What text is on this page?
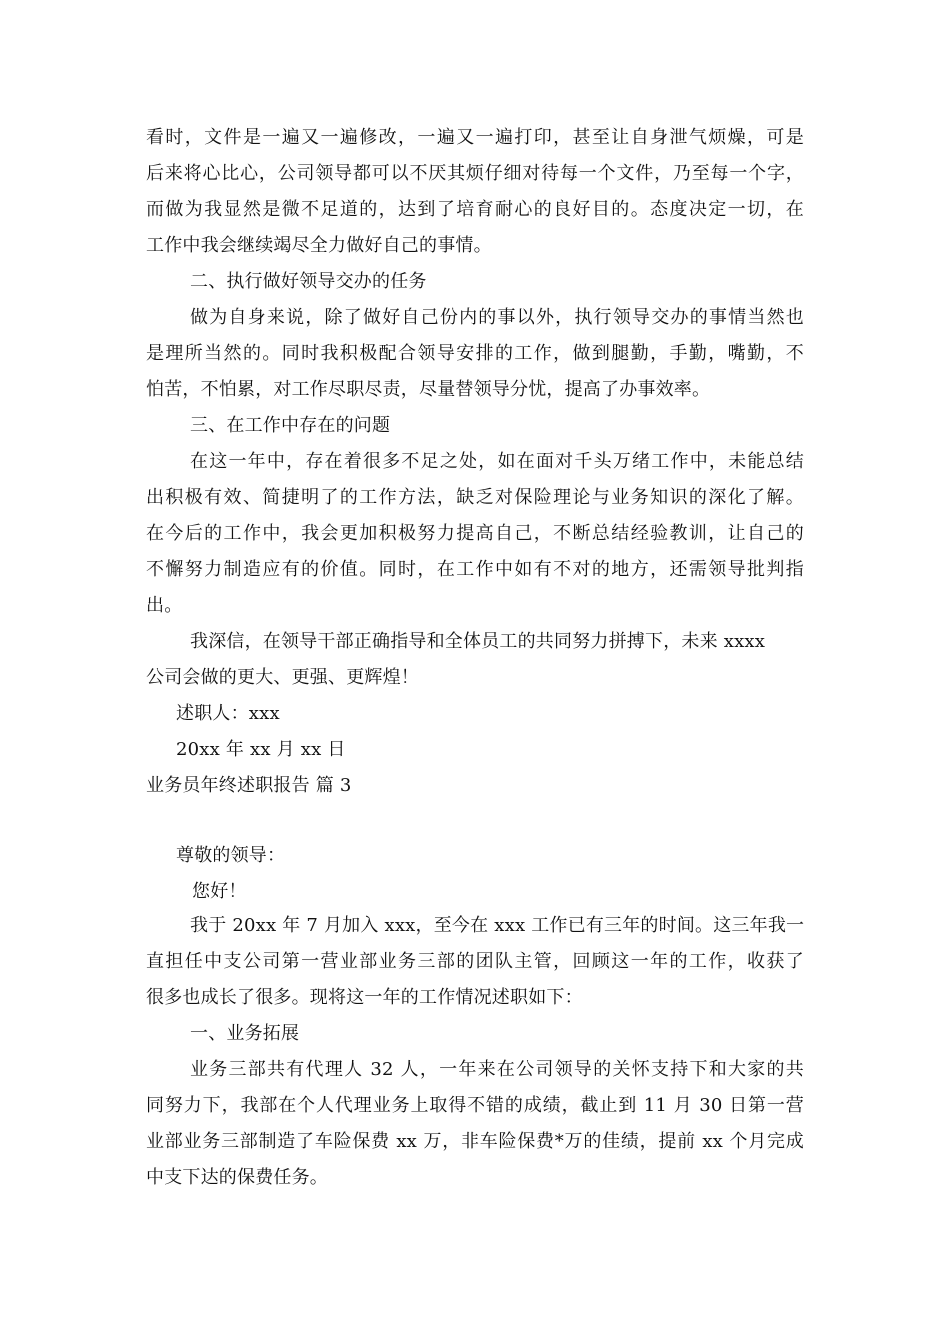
看时，文件是一遍又一遍修改，一遍又一遍打印，甚至让自身泄气烦燥，可是
后来将心比心，公司领导都可以不厌其烦仔细对待每一个文件，乃至每一个字，
而做为我显然是微不足道的，达到了培育耐心的良好目的。态度决定一切，在
工作中我会继续竭尽全力做好自己的事情。
二、执行做好领导交办的任务
做为自身来说，除了做好自己份内的事以外，执行领导交办的事情当然也
是理所当然的。同时我积极配合领导安排的工作，做到腿勤，手勤，嘴勤，不
怕苦，不怕累，对工作尽职尽责，尽量替领导分忧，提高了办事效率。
三、在工作中存在的问题
在这一年中，存在着很多不足之处，如在面对千头万绪工作中，未能总结
出积极有效、简捷明了的工作方法，缺乏对保险理论与业务知识的深化了解。
在今后的工作中，我会更加积极努力提高自己，不断总结经验教训，让自己的
不懈努力制造应有的价值。同时，在工作中如有不对的地方，还需领导批判指
出。
我深信，在领导干部正确指导和全体员工的共同努力拼搏下，未来 xxxx
公司会做的更大、更强、更辉煌！
述职人：xxx
20xx 年 xx 月 xx 日
业务员年终述职报告 篇 3
尊敬的领导：
您好！
我于 20xx 年 7 月加入 xxx，至今在 xxx 工作已有三年的时间。这三年我一
直担任中支公司第一营业部业务三部的团队主管，回顾这一年的工作，收获了
很多也成长了很多。现将这一年的工作情况述职如下：
一、业务拓展
业务三部共有代理人 32 人，一年来在公司领导的关怀支持下和大家的共
同努力下，我部在个人代理业务上取得不错的成绩，截止到 11 月 30 日第一营
业部业务三部制造了车险保费 xx 万，非车险保费*万的佳绩，提前 xx 个月完成
中支下达的保费任务。
